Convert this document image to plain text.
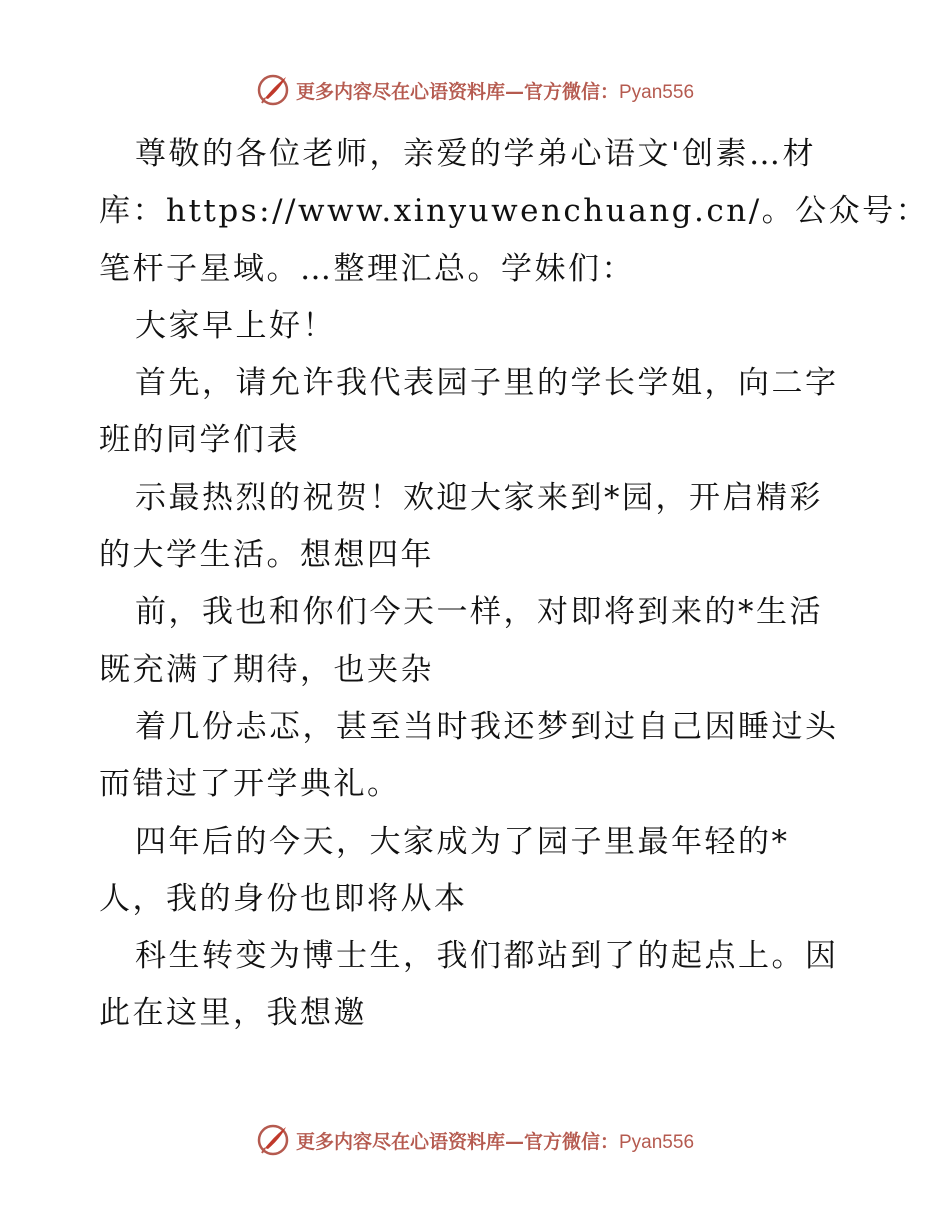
更多内容尽在心语资料库—官方微信：Pyan556
尊敬的各位老师，亲爱的学弟心语文'创素…材
库：https://www.xinyuwenchuang.cn/。公众号：
笔杆子星域。…整理汇总。学妹们：
大家早上好！
首先，请允许我代表园子里的学长学姐，向二字
班的同学们表
示最热烈的祝贺！欢迎大家来到*园，开启精彩
的大学生活。想想四年
前，我也和你们今天一样，对即将到来的*生活
既充满了期待，也夹杂
着几份忐忑，甚至当时我还梦到过自己因睡过头
而错过了开学典礼。
四年后的今天，大家成为了园子里最年轻的*
人，我的身份也即将从本
科生转变为博士生，我们都站到了的起点上。因
此在这里，我想邀
更多内容尽在心语资料库—官方微信：Pyan556
